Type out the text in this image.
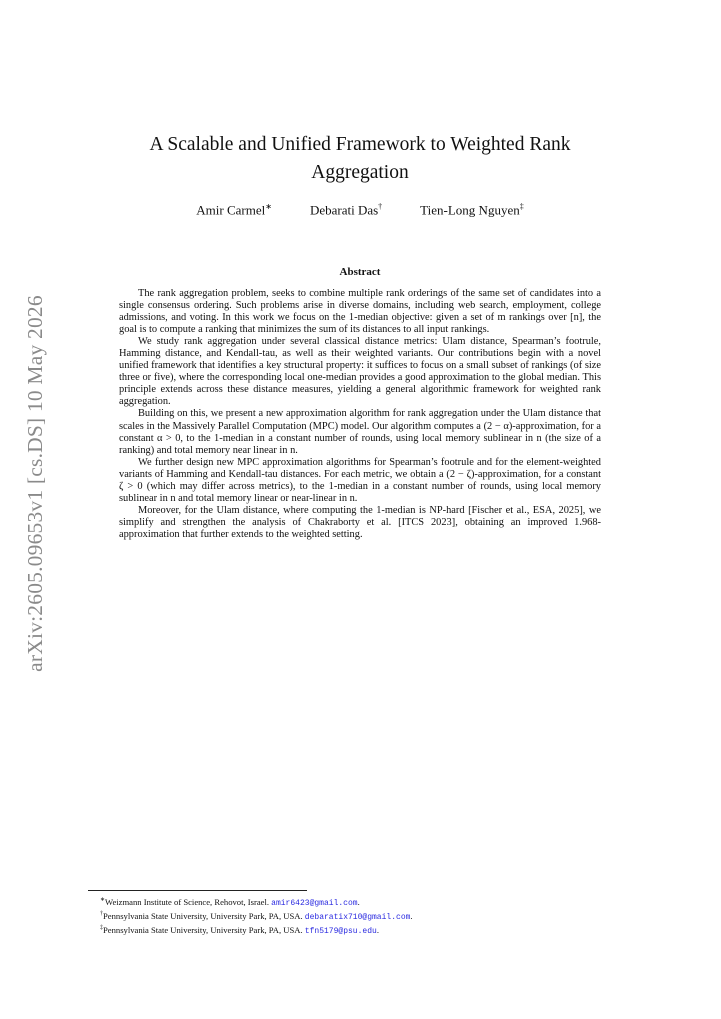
arXiv:2605.09653v1 [cs.DS] 10 May 2026
A Scalable and Unified Framework to Weighted Rank Aggregation
Amir Carmel∗	Debarati Das†	Tien-Long Nguyen‡
Abstract

The rank aggregation problem, seeks to combine multiple rank orderings of the same set of candidates into a single consensus ordering. Such problems arise in diverse domains, including web search, employment, college admissions, and voting. In this work we focus on the 1-median objective: given a set of m rankings over [n], the goal is to compute a ranking that minimizes the sum of its distances to all input rankings.

We study rank aggregation under several classical distance metrics: Ulam distance, Spearman’s footrule, Hamming distance, and Kendall-tau, as well as their weighted variants. Our contributions begin with a novel unified framework that identifies a key structural property: it suffices to focus on a small subset of rankings (of size three or five), where the corresponding local one-median provides a good approximation to the global median. This principle extends across these distance measures, yielding a general algorithmic framework for weighted rank aggregation.

Building on this, we present a new approximation algorithm for rank aggregation under the Ulam distance that scales in the Massively Parallel Computation (MPC) model. Our algorithm computes a (2 − α)-approximation, for a constant α > 0, to the 1-median in a constant number of rounds, using local memory sublinear in n (the size of a ranking) and total memory near linear in n.

We further design new MPC approximation algorithms for Spearman’s footrule and for the element-weighted variants of Hamming and Kendall-tau distances. For each metric, we obtain a (2 − ζ)-approximation, for a constant ζ > 0 (which may differ across metrics), to the 1-median in a constant number of rounds, using local memory sublinear in n and total memory linear or near-linear in n.

Moreover, for the Ulam distance, where computing the 1-median is NP-hard [Fischer et al., ESA, 2025], we simplify and strengthen the analysis of Chakraborty et al. [ITCS 2023], obtaining an improved 1.968-approximation that further extends to the weighted setting.

∗Weizmann Institute of Science, Rehovot, Israel. amir6423@gmail.com.

†Pennsylvania State University, University Park, PA, USA. debaratix710@gmail.com.

‡Pennsylvania State University, University Park, PA, USA. tfn5179@psu.edu.
